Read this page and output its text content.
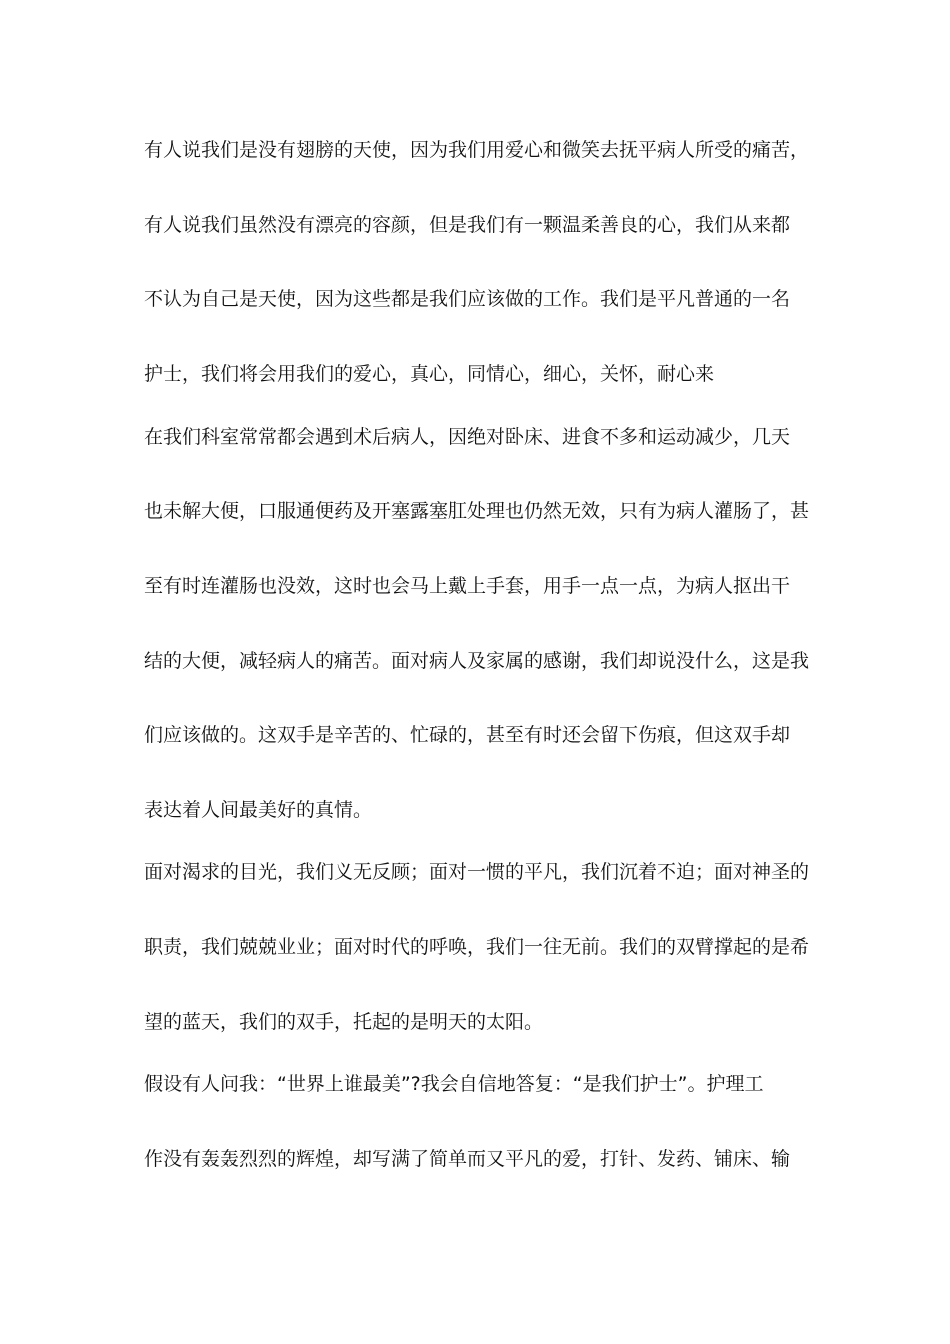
有人说我们是没有翅膀的天使，因为我们用爱心和微笑去抚平病人所受的痛苦，
有人说我们虽然没有漂亮的容颜，但是我们有一颗温柔善良的心，我们从来都
不认为自己是天使，因为这些都是我们应该做的工作。我们是平凡普通的一名
护士，我们将会用我们的爱心，真心，同情心，细心，关怀，耐心来
在我们科室常常都会遇到术后病人，因绝对卧床、进食不多和运动减少，几天
也未解大便，口服通便药及开塞露塞肛处理也仍然无效，只有为病人灌肠了，甚
至有时连灌肠也没效，这时也会马上戴上手套，用手一点一点，为病人抠出干
结的大便，减轻病人的痛苦。面对病人及家属的感谢，我们却说没什么，这是我
们应该做的。这双手是辛苦的、忙碌的，甚至有时还会留下伤痕，但这双手却
表达着人间最美好的真情。
面对渴求的目光，我们义无反顾；面对一惯的平凡，我们沉着不迫；面对神圣的
职责，我们兢兢业业；面对时代的呼唤，我们一往无前。我们的双臂撑起的是希
望的蓝天，我们的双手，托起的是明天的太阳。
假设有人问我：“世界上谁最美”?我会自信地答复：“是我们护士”。护理工
作没有轰轰烈烈的辉煌，却写满了简单而又平凡的爱，打针、发药、铺床、输
